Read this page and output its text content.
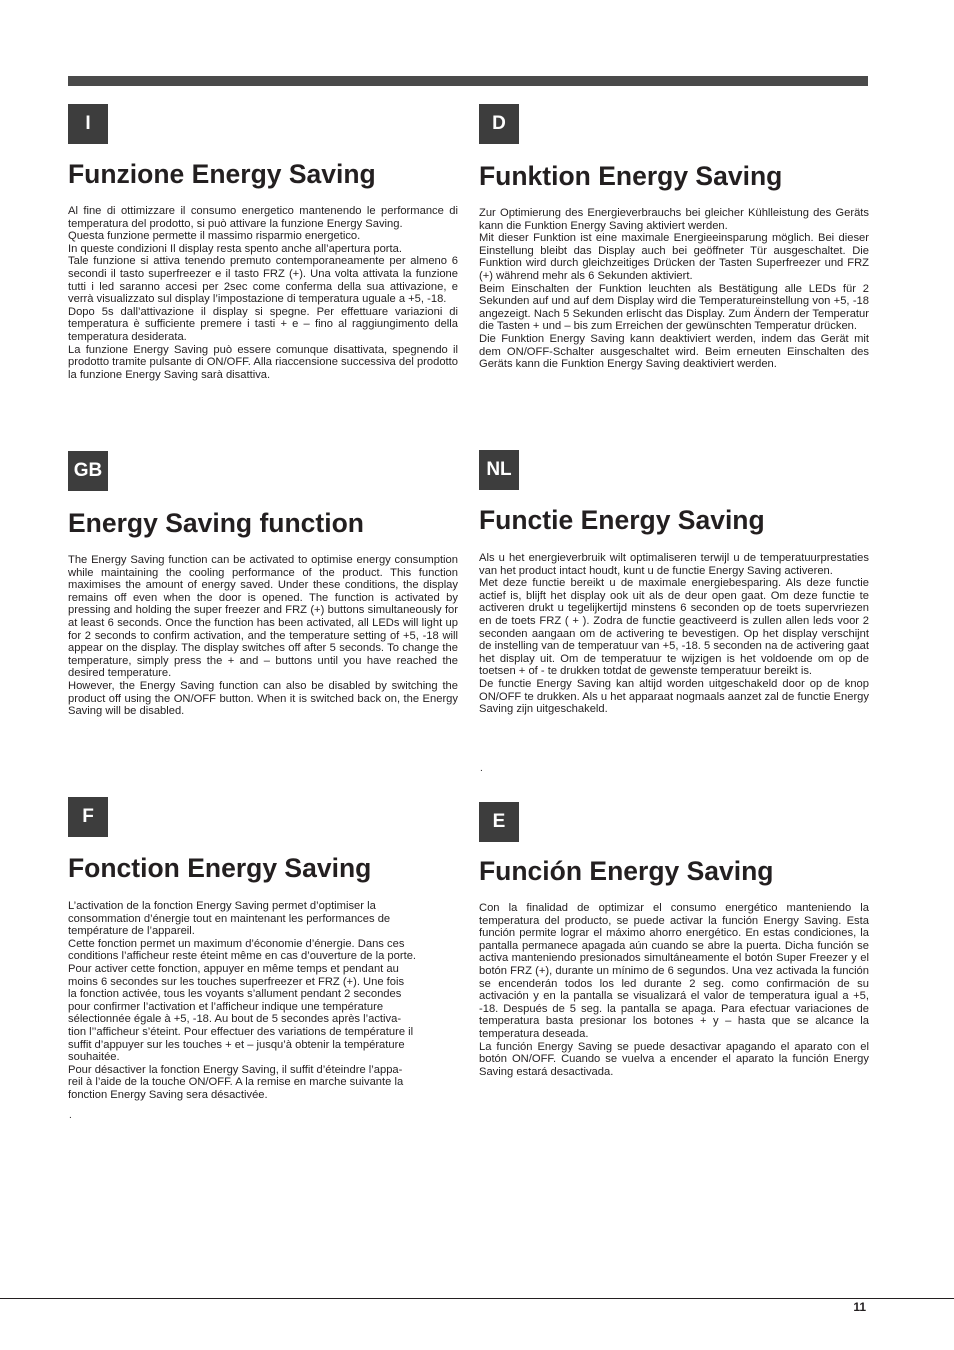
I
Funzione Energy Saving

Al fine di ottimizzare il consumo energetico mantenendo le performance di temperatura del prodotto, si può attivare la funzione Energy Saving.

Questa funzione permette il massimo risparmio energetico.

In queste condizioni Il display resta spento anche all’apertura porta.

Tale funzione si attiva tenendo premuto contemporaneamente per almeno 6 secondi il tasto superfreezer e il tasto FRZ (+). Una volta attivata la funzione tutti i led saranno accesi per 2sec come conferma della sua attivazione, e verrà visualizzato sul display l’impostazione di temperatura uguale a +5, -18.

Dopo 5s dall’attivazione il display si spegne. Per effettuare variazioni di temperatura è sufficiente premere i tasti + e – fino al raggiungimento della temperatura desiderata.

La funzione Energy Saving può essere comunque disattivata, spegnendo il prodotto tramite pulsante di ON/OFF. Alla riaccensione successiva del prodotto la funzione Energy Saving sarà disattiva.

D
Funktion Energy Saving

Zur Optimierung des Energieverbrauchs bei gleicher Kühlleistung des Geräts kann die Funktion Energy Saving aktiviert werden.

Mit dieser Funktion ist eine maximale Energieeinsparung möglich. Bei dieser Einstellung bleibt das Display auch bei geöffneter Tür ausgeschaltet. Die Funktion wird durch gleichzeitiges Drücken der Tasten Superfreezer und FRZ (+) während mehr als 6 Sekunden aktiviert.

Beim Einschalten der Funktion leuchten als Bestätigung alle LEDs für 2 Sekunden auf und auf dem Display wird die Temperatureinstellung von +5, -18 angezeigt. Nach 5 Sekunden erlischt das Display. Zum Ändern der Temperatur die Tasten + und – bis zum Erreichen der gewünschten Temperatur drücken.

Die Funktion Energy Saving kann deaktiviert werden, indem das Gerät mit dem ON/OFF-Schalter ausgeschaltet wird. Beim erneuten Einschalten des Geräts kann die Funktion Energy Saving deaktiviert werden.

GB
Energy Saving function

The Energy Saving function can be activated to optimise energy consumption while maintaining the cooling performance of the product. This function maximises the amount of energy saved. Under these conditions, the display remains off even when the door is opened. The function is activated by pressing and holding the super freezer and FRZ (+) buttons simultaneously for at least 6 seconds. Once the function has been activated, all LEDs will light up for 2 seconds to confirm activation, and the temperature setting of +5, -18 will appear on the display. The display switches off after 5 seconds. To change the temperature, simply press the + and – buttons until you have reached the desired temperature.

However, the Energy Saving function can also be disabled by switching the product off using the ON/OFF button. When it is switched back on, the Energy Saving will be disabled.

NL
Functie Energy Saving

Als u het energieverbruik wilt optimaliseren terwijl u de temperatuurprestaties van het product intact houdt, kunt u de functie Energy Saving activeren.

Met deze functie bereikt u de maximale energiebesparing. Als deze functie actief is, blijft het display ook uit als de deur open gaat. Om deze functie te activeren drukt u tegelijkertijd minstens 6 seconden op de toets supervriezen en de toets FRZ ( + ). Zodra de functie geactiveerd is zullen allen leds voor 2 seconden aangaan om de activering te bevestigen. Op het display verschijnt de instelling van de temperatuur van +5, -18. 5 seconden na de activering gaat het display uit. Om de temperatuur te wijzigen is het voldoende om op de toetsen + of - te drukken totdat de gewenste temperatuur bereikt is.

De functie Energy Saving kan altijd worden uitgeschakeld door op de knop ON/OFF te drukken. Als u het apparaat nogmaals aanzet zal de functie Energy Saving zijn uitgeschakeld.

.
F
Fonction Energy Saving
L’activation de la fonction Energy Saving permet d’optimiser la
consommation d’énergie tout en maintenant les performances de
température de l’appareil.
Cette fonction permet un maximum d’économie d’énergie. Dans ces
conditions l’afficheur reste éteint même en cas d’ouverture de la porte.
Pour activer cette fonction, appuyer en même temps et pendant au
moins 6 secondes sur les touches superfreezer et FRZ (+). Une fois
la fonction activée, tous les voyants s’allument pendant 2 secondes
pour confirmer l’activation et l’afficheur indique une température
sélectionnée égale à +5, -18. Au bout de 5 secondes après l’activa-
tion l’’afficheur s’éteint. Pour effectuer des variations de température il
suffit d’appuyer sur les touches + et – jusqu’à obtenir la température
souhaitée.
Pour désactiver la fonction Energy Saving, il suffit d’éteindre l’appa-
reil à l’aide de la touche ON/OFF. A la remise en marche suivante la
fonction Energy Saving sera désactivée.
.
E
Función Energy Saving

Con la finalidad de optimizar el consumo energético manteniendo la temperatura del producto, se puede activar la función Energy Saving. Esta función permite lograr el máximo ahorro energético. En estas condiciones, la pantalla permanece apagada aún cuando se abre la puerta. Dicha función se activa manteniendo presionados simultáneamente el botón Super Freezer y el botón FRZ (+), durante un mínimo de 6 segundos. Una vez activada la función se encenderán todos los led durante 2 seg. como confirmación de su activación y en la pantalla se visualizará el valor de temperatura igual a +5, -18. Después de 5 seg. la pantalla se apaga. Para efectuar variaciones de temperatura basta presionar los botones + y – hasta que se alcance la temperatura deseada.

La función Energy Saving se puede desactivar apagando el aparato con el botón ON/OFF. Cuando se vuelva a encender el aparato la función Energy Saving estará desactivada.

11
